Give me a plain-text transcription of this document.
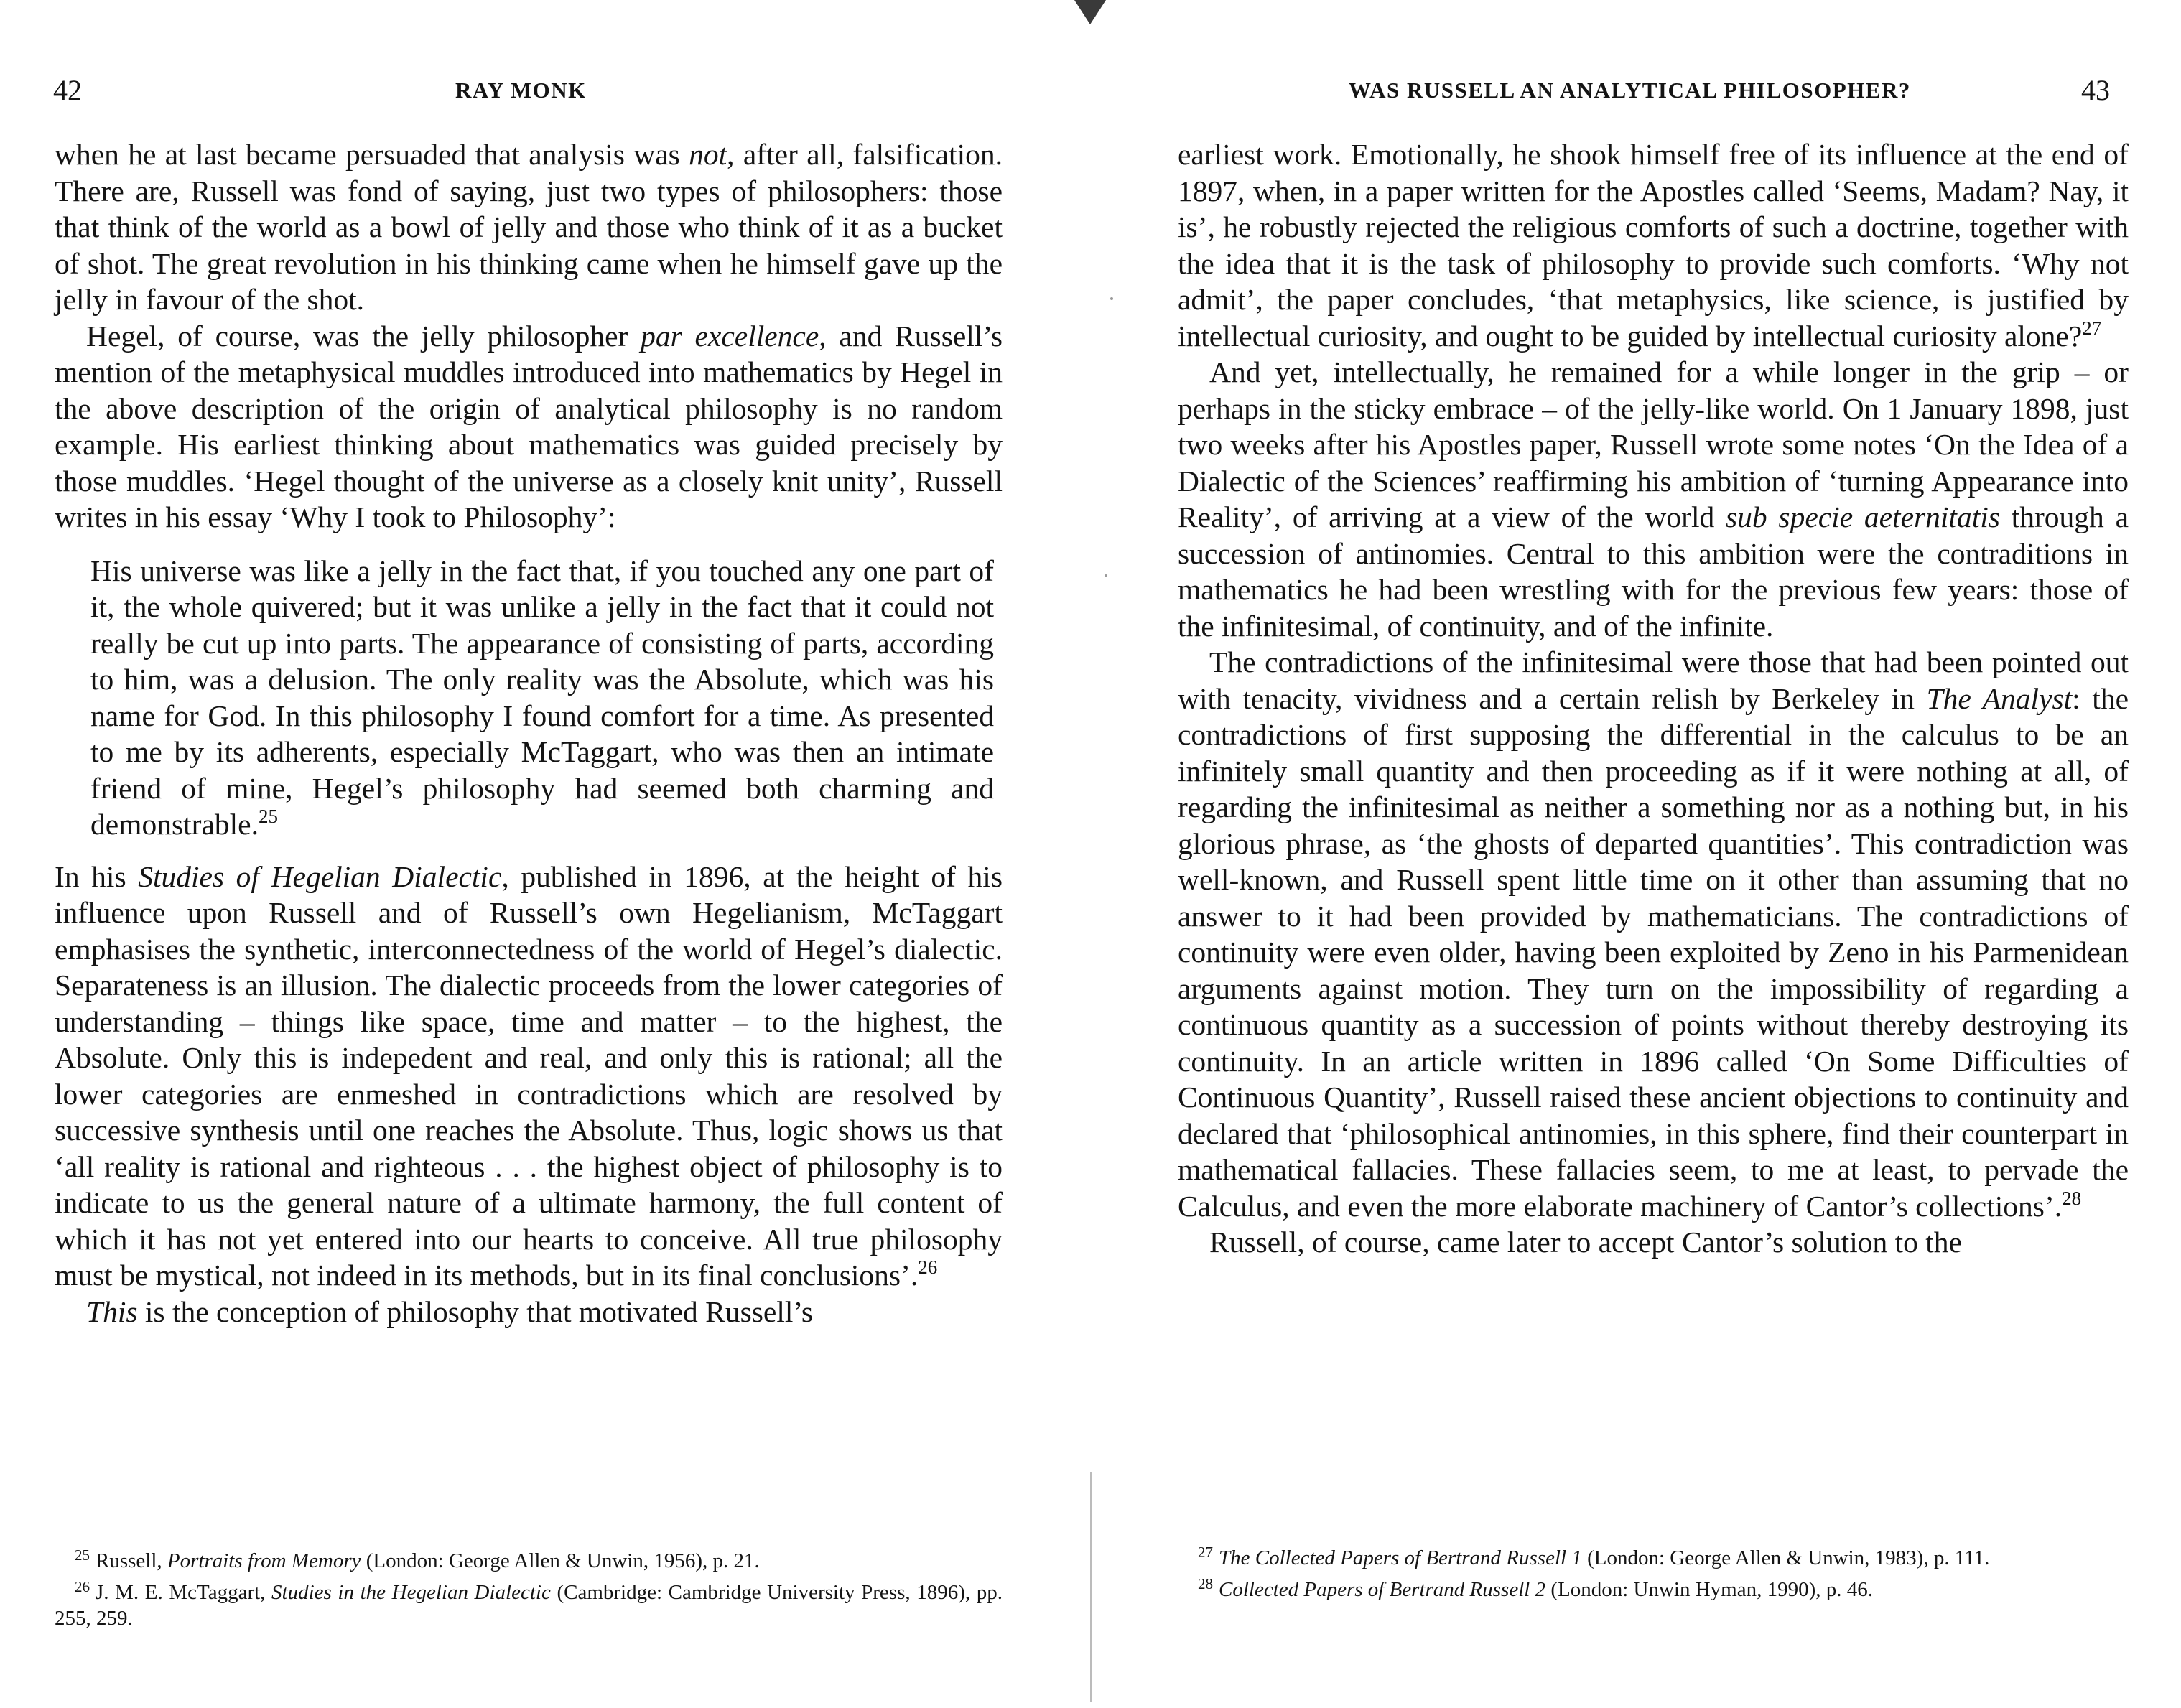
42	RAY MONK

when he at last became persuaded that analysis was not, after all, falsification. There are, Russell was fond of saying, just two types of philosophers: those that think of the world as a bowl of jelly and those who think of it as a bucket of shot. The great revolution in his thinking came when he himself gave up the jelly in favour of the shot.

Hegel, of course, was the jelly philosopher par excellence, and Russell’s mention of the metaphysical muddles introduced into mathematics by Hegel in the above description of the origin of analytical philosophy is no random example. His earliest thinking about mathematics was guided precisely by those muddles. ‘Hegel thought of the universe as a closely knit unity’, Russell writes in his essay ‘Why I took to Philosophy’:

His universe was like a jelly in the fact that, if you touched any one part of it, the whole quivered; but it was unlike a jelly in the fact that it could not really be cut up into parts. The appearance of consisting of parts, according to him, was a delusion. The only reality was the Absolute, which was his name for God. In this philosophy I found comfort for a time. As presented to me by its adherents, especially McTaggart, who was then an intimate friend of mine, Hegel’s philosophy had seemed both charming and demonstrable.$^{25}$

In his Studies of Hegelian Dialectic, published in 1896, at the height of his influence upon Russell and of Russell’s own Hegelianism, McTaggart emphasises the synthetic, interconnectedness of the world of Hegel’s dialectic. Separateness is an illusion. The dialectic proceeds from the lower categories of understanding – things like space, time and matter – to the highest, the Absolute. Only this is indepedent and real, and only this is rational; all the lower categories are enmeshed in contradictions which are resolved by successive synthesis until one reaches the Absolute. Thus, logic shows us that ‘all reality is rational and righteous . . . the highest object of philosophy is to indicate to us the general nature of a ultimate harmony, the full content of which it has not yet entered into our hearts to conceive. All true philosophy must be mystical, not indeed in its methods, but in its final conclusions’.$^{26}$

This is the conception of philosophy that motivated Russell’s

$^{25}$ Russell, Portraits from Memory (London: George Allen & Unwin, 1956), p. 21.

$^{26}$ J. M. E. McTaggart, Studies in the Hegelian Dialectic (Cambridge: Cambridge University Press, 1896), pp. 255, 259.

WAS RUSSELL AN ANALYTICAL PHILOSOPHER?	43

earliest work. Emotionally, he shook himself free of its influence at the end of 1897, when, in a paper written for the Apostles called ‘Seems, Madam? Nay, it is’, he robustly rejected the religious comforts of such a doctrine, together with the idea that it is the task of philosophy to provide such comforts. ‘Why not admit’, the paper concludes, ‘that metaphysics, like science, is justified by intellectual curiosity, and ought to be guided by intellectual curiosity alone?$^{27}$

And yet, intellectually, he remained for a while longer in the grip – or perhaps in the sticky embrace – of the jelly-like world. On 1 January 1898, just two weeks after his Apostles paper, Russell wrote some notes ‘On the Idea of a Dialectic of the Sciences’ reaffirming his ambition of ‘turning Appearance into Reality’, of arriving at a view of the world sub specie aeternitatis through a succession of antinomies. Central to this ambition were the contraditions in mathematics he had been wrestling with for the previous few years: those of the infinitesimal, of continuity, and of the infinite.

The contradictions of the infinitesimal were those that had been pointed out with tenacity, vividness and a certain relish by Berkeley in The Analyst: the contradictions of first supposing the differential in the calculus to be an infinitely small quantity and then proceeding as if it were nothing at all, of regarding the infinitesimal as neither a something nor as a nothing but, in his glorious phrase, as ‘the ghosts of departed quantities’. This contradiction was well-known, and Russell spent little time on it other than assuming that no answer to it had been provided by mathematicians. The contradictions of continuity were even older, having been exploited by Zeno in his Parmenidean arguments against motion. They turn on the impossibility of regarding a continuous quantity as a succession of points without thereby destroying its continuity. In an article written in 1896 called ‘On Some Difficulties of Continuous Quantity’, Russell raised these ancient objections to continuity and declared that ‘philosophical antinomies, in this sphere, find their counterpart in mathematical fallacies. These fallacies seem, to me at least, to pervade the Calculus, and even the more elaborate machinery of Cantor’s collections’.$^{28}$

Russell, of course, came later to accept Cantor’s solution to the

$^{27}$ The Collected Papers of Bertrand Russell 1 (London: George Allen & Unwin, 1983), p. 111.

$^{28}$ Collected Papers of Bertrand Russell 2 (London: Unwin Hyman, 1990), p. 46.
